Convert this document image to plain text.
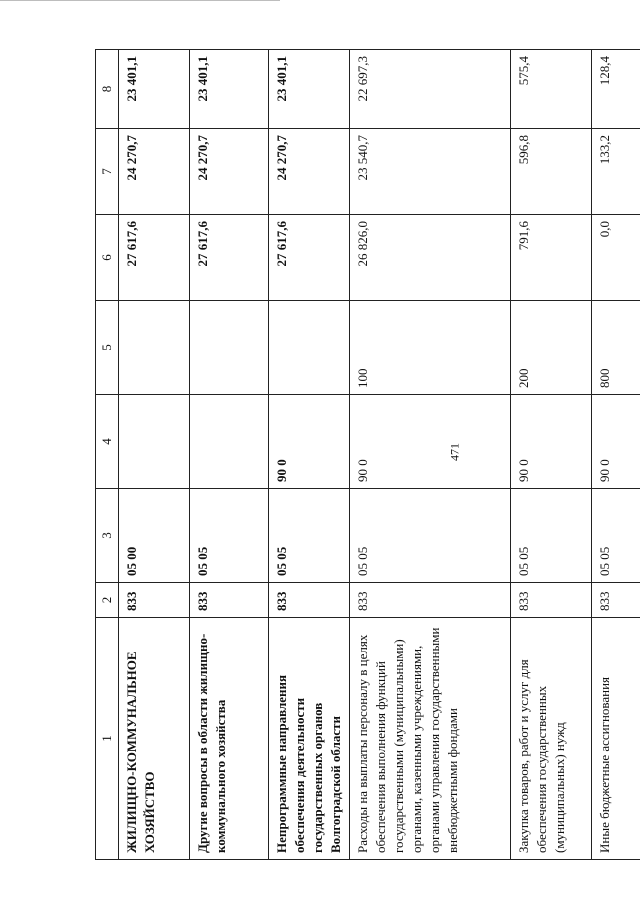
471
1	2	3	4	5	6	7	8
ЖИЛИЩНО-КОММУНАЛЬНОЕ ХОЗЯЙСТВО	833	05 00			27 617,6	24 270,7	23 401,1
Другие вопросы в области жилищно-коммунального хозяйства	833	05 05			27 617,6	24 270,7	23 401,1
Непрограммные направления обеспечения деятельности государственных органов Волгоградской области	833	05 05	90 0		27 617,6	24 270,7	23 401,1
Расходы на выплаты персоналу в целях обеспечения выполнения функций государственными (муниципальными) органами, казенными учреждениями, органами управления государственными внебюджетными фондами	833	05 05	90 0	100	26 826,0	23 540,7	22 697,3
Закупка товаров, работ и услуг для обеспечения государственных (муниципальных) нужд	833	05 05	90 0	200	791,6	596,8	575,4
Иные бюджетные ассигнования	833	05 05	90 0	800	0,0	133,2	128,4
